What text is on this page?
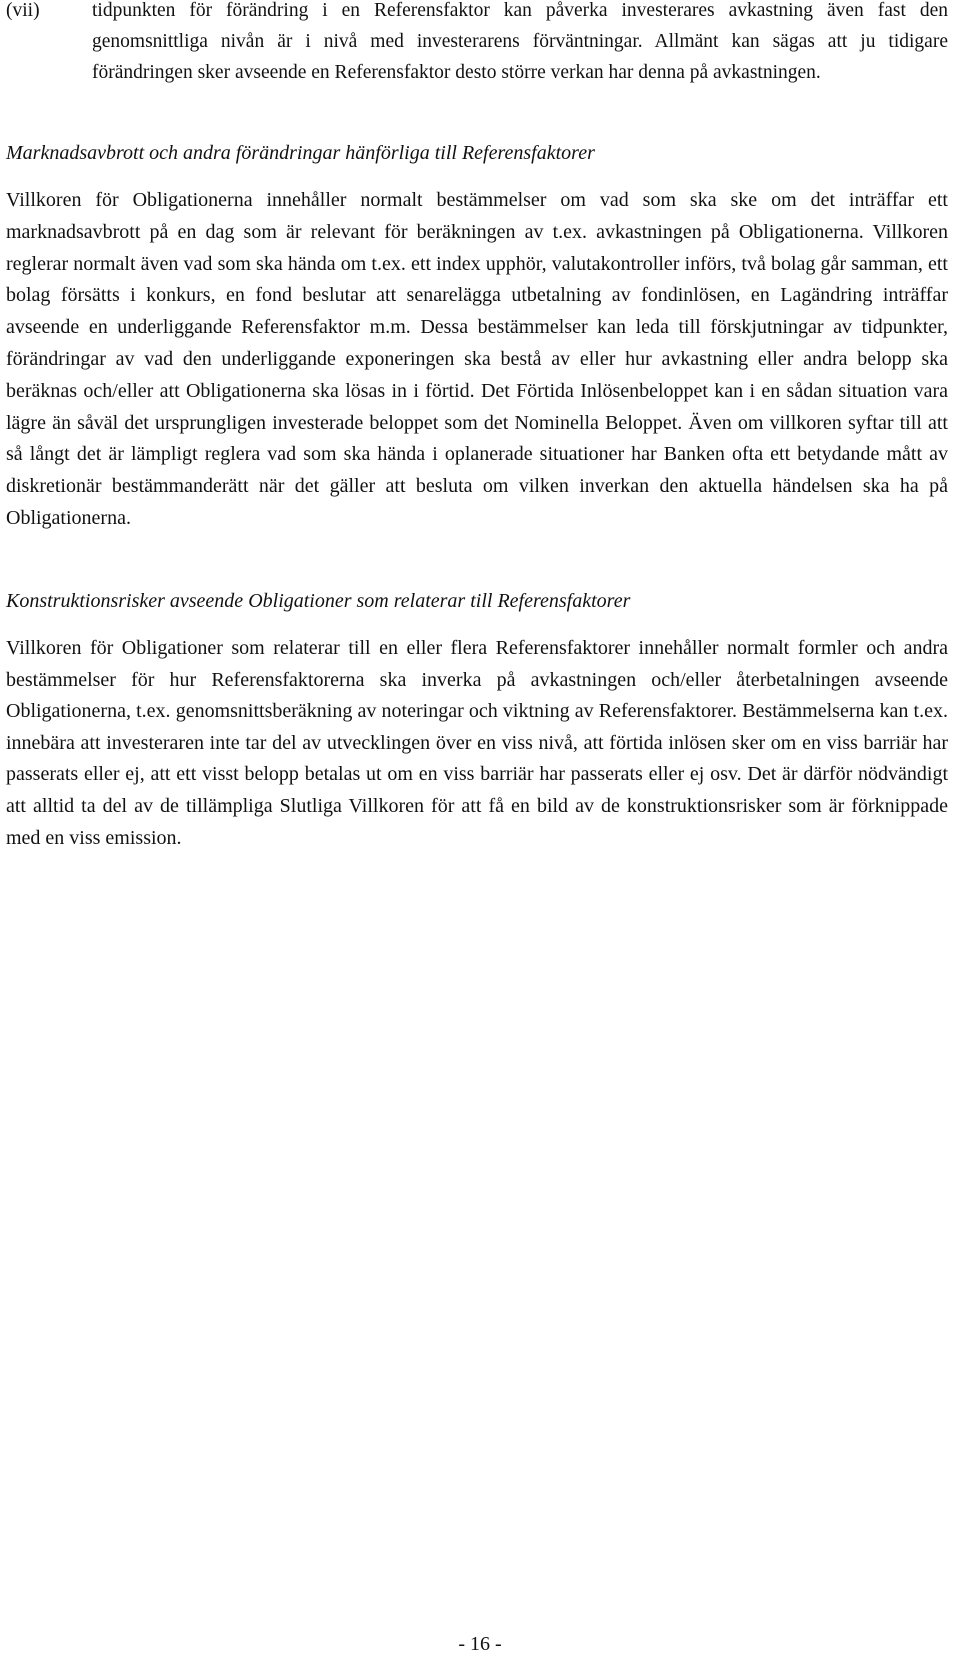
(vii)	tidpunkten för förändring i en Referensfaktor kan påverka investerares avkastning även fast den genomsnittliga nivån är i nivå med investerarens förväntningar. Allmänt kan sägas att ju tidigare förändringen sker avseende en Referensfaktor desto större verkan har denna på avkastningen.
Marknadsavbrott och andra förändringar hänförliga till Referensfaktorer

Villkoren för Obligationerna innehåller normalt bestämmelser om vad som ska ske om det inträffar ett marknadsavbrott på en dag som är relevant för beräkningen av t.ex. avkastningen på Obligationerna. Villkoren reglerar normalt även vad som ska hända om t.ex. ett index upphör, valutakontroller införs, två bolag går samman, ett bolag försätts i konkurs, en fond beslutar att senarelägga utbetalning av fondinlösen, en Lagändring inträffar avseende en underliggande Referensfaktor m.m. Dessa bestämmelser kan leda till förskjutningar av tidpunkter, förändringar av vad den underliggande exponeringen ska bestå av eller hur avkastning eller andra belopp ska beräknas och/eller att Obligationerna ska lösas in i förtid. Det Förtida Inlösenbeloppet kan i en sådan situation vara lägre än såväl det ursprungligen investerade beloppet som det Nominella Beloppet. Även om villkoren syftar till att så långt det är lämpligt reglera vad som ska hända i oplanerade situationer har Banken ofta ett betydande mått av diskretionär bestämmanderätt när det gäller att besluta om vilken inverkan den aktuella händelsen ska ha på Obligationerna.

Konstruktionsrisker avseende Obligationer som relaterar till Referensfaktorer

Villkoren för Obligationer som relaterar till en eller flera Referensfaktorer innehåller normalt formler och andra bestämmelser för hur Referensfaktorerna ska inverka på avkastningen och/eller återbetalningen avseende Obligationerna, t.ex. genomsnittsberäkning av noteringar och viktning av Referensfaktorer. Bestämmelserna kan t.ex. innebära att investeraren inte tar del av utvecklingen över en viss nivå, att förtida inlösen sker om en viss barriär har passerats eller ej, att ett visst belopp betalas ut om en viss barriär har passerats eller ej osv. Det är därför nödvändigt att alltid ta del av de tillämpliga Slutliga Villkoren för att få en bild av de konstruktionsrisker som är förknippade med en viss emission.

- 16 -
